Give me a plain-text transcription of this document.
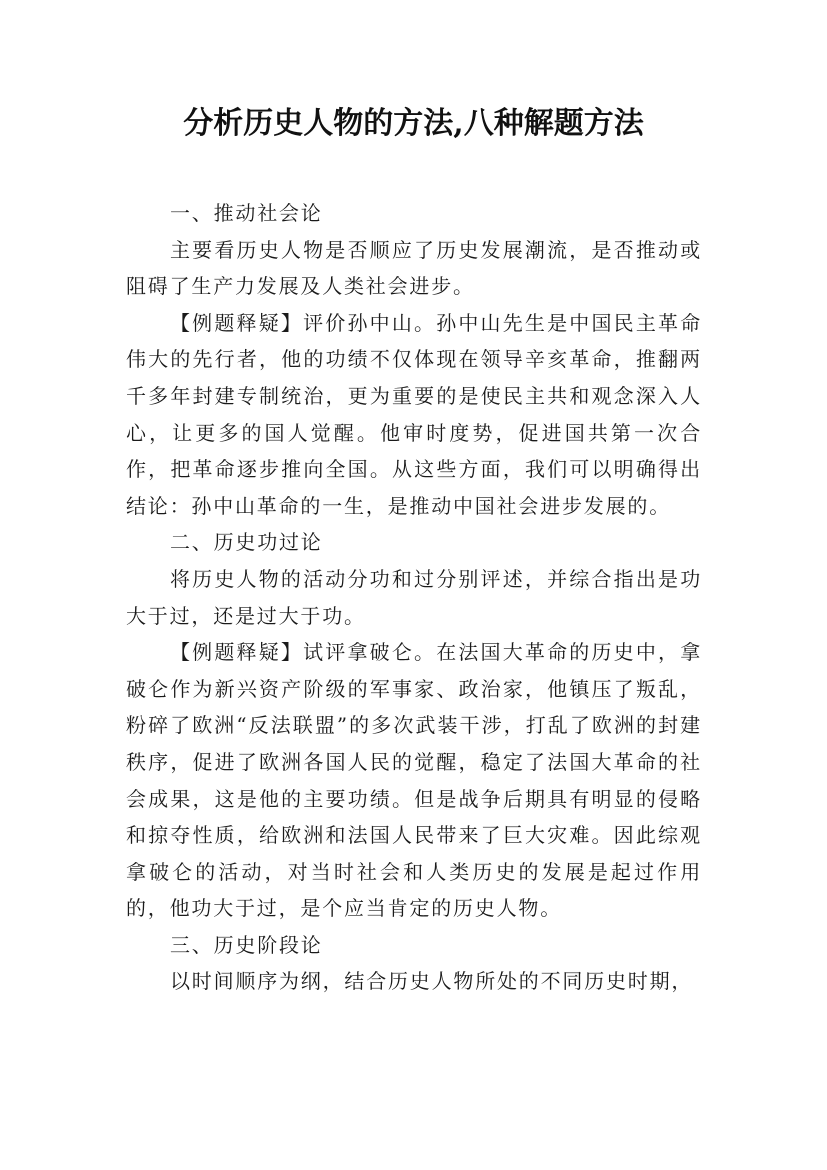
分析历史人物的方法,八种解题方法

一、推动社会论

主要看历史人物是否顺应了历史发展潮流，是否推动或阻碍了生产力发展及人类社会进步。

【例题释疑】评价孙中山。孙中山先生是中国民主革命伟大的先行者，他的功绩不仅体现在领导辛亥革命，推翻两千多年封建专制统治，更为重要的是使民主共和观念深入人心，让更多的国人觉醒。他审时度势，促进国共第一次合作，把革命逐步推向全国。从这些方面，我们可以明确得出结论：孙中山革命的一生，是推动中国社会进步发展的。

二、历史功过论

将历史人物的活动分功和过分别评述，并综合指出是功大于过，还是过大于功。

【例题释疑】试评拿破仑。在法国大革命的历史中，拿破仑作为新兴资产阶级的军事家、政治家，他镇压了叛乱，粉碎了欧洲“反法联盟”的多次武装干涉，打乱了欧洲的封建秩序，促进了欧洲各国人民的觉醒，稳定了法国大革命的社会成果，这是他的主要功绩。但是战争后期具有明显的侵略和掠夺性质，给欧洲和法国人民带来了巨大灾难。因此综观拿破仑的活动，对当时社会和人类历史的发展是起过作用的，他功大于过，是个应当肯定的历史人物。

三、历史阶段论

以时间顺序为纲，结合历史人物所处的不同历史时期，
